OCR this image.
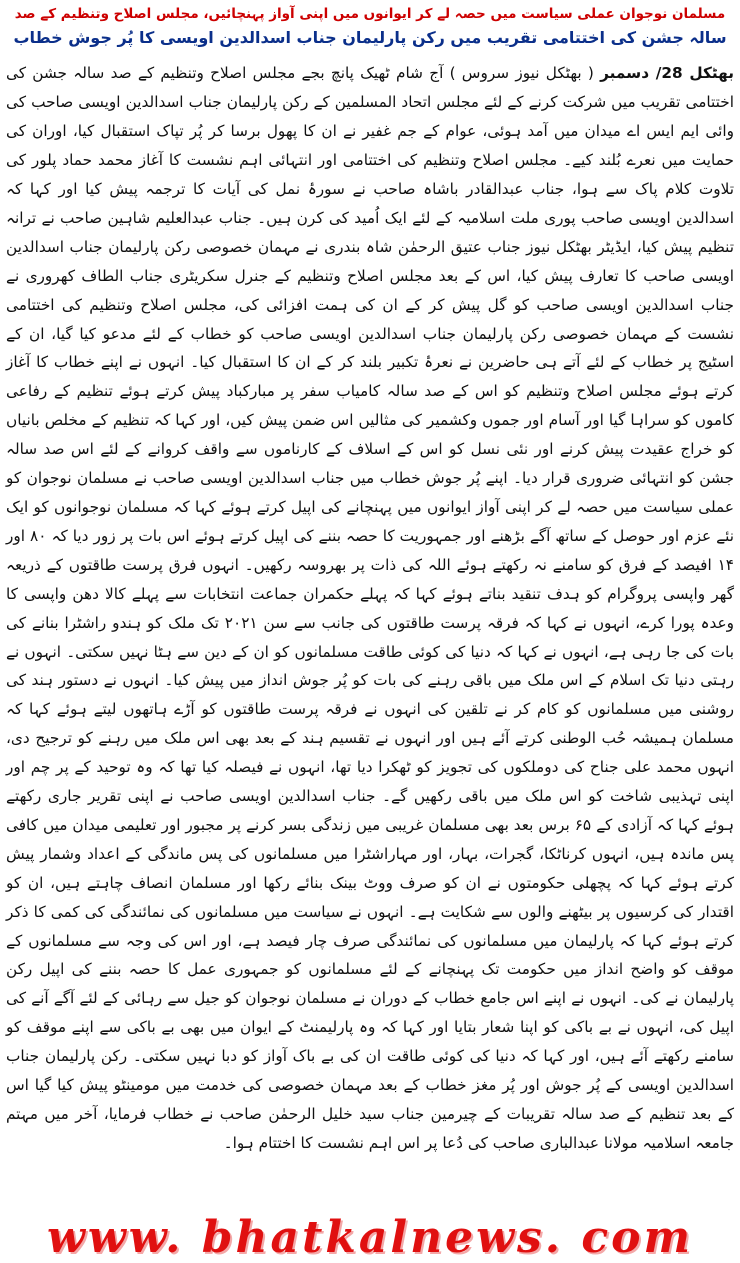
مسلمان نوجوان عملی سیاست میں حصہ لے کر ایوانوں میں اپنی آواز پہنچائیں، مجلس اصلاح وتنظیم کے صد
سالہ جشن کی اختتامی تقریب میں رکن پارلیمان جناب اسدالدین اویسی کا پُر جوش خطاب
بھٹکل 28/ دسمبر ( بھٹکل نیوز سروس ) آج شام ٹھیک پانچ بجے مجلس اصلاح وتنظیم کے صد سالہ جشن کی اختتامی تقریب میں شرکت کرنے کے لئے مجلس اتحاد المسلمین کے رکن پارلیمان جناب اسدالدین اویسی صاحب کی وائی ایم ایس اے میدان میں آمد ہوئی، عوام کے جم غفیر نے ان کا پھول برسا کر پُر تپاک استقبال کیا، اوران کی حمایت میں نعرے بُلند کیے۔ مجلس اصلاح وتنظیم کی اختتامی اور انتہائی اہم نشست کا آغاز محمد حماد پلور کی تلاوت کلام پاک سے ہوا، جناب عبدالقادر باشاہ صاحب نے سورۂ نمل کی آیات کا ترجمہ پیش کیا اور کہا کہ اسدالدین اویسی صاحب پوری ملت اسلامیہ کے لئے ایک اُمید کی کرن ہیں۔ جناب عبدالعلیم شاہین صاحب نے ترانہ تنظیم پیش کیا، ایڈیٹر بھٹکل نیوز جناب عتیق الرحمٰن شاہ بندری نے مہمان خصوصی رکن پارلیمان جناب اسدالدین اویسی صاحب کا تعارف پیش کیا، اس کے بعد مجلس اصلاح وتنظیم کے جنرل سکریٹری جناب الطاف کھروری نے جناب اسدالدین اویسی صاحب کو گل پیش کر کے ان کی ہمت افزائی کی، مجلس اصلاح وتنظیم کی اختتامی نشست کے مہمان خصوصی رکن پارلیمان جناب اسدالدین اویسی صاحب کو خطاب کے لئے مدعو کیا گیا، ان کے اسٹیج پر خطاب کے لئے آتے ہی حاضرین نے نعرۂ تکبیر بلند کر کے ان کا استقبال کیا۔ انہوں نے اپنے خطاب کا آغاز کرتے ہوئے مجلس اصلاح وتنظیم کو اس کے صد سالہ کامیاب سفر پر مبارکباد پیش کرتے ہوئے تنظیم کے رفاعی کاموں کو سراہا گیا اور آسام اور جموں وکشمیر کی مثالیں اس ضمن پیش کیں، اور کہا کہ تنظیم کے مخلص بانیاں کو خراج عقیدت پیش کرنے اور نئی نسل کو اس کے اسلاف کے کارناموں سے واقف کروانے کے لئے اس صد سالہ جشن کو انتہائی ضروری قرار دیا۔ اپنے پُر جوش خطاب میں جناب اسدالدین اویسی صاحب نے مسلمان نوجوان کو عملی سیاست میں حصہ لے کر اپنی آواز ایوانوں میں پہنچانے کی اپیل کرتے ہوئے کہا کہ مسلمان نوجوانوں کو ایک نئے عزم اور حوصل کے ساتھ آگے بڑھنے اور جمہوریت کا حصہ بننے کی اپیل کرتے ہوئے اس بات پر زور دیا کہ ۸۰ اور ۱۴ افیصد کے فرق کو سامنے نہ رکھتے ہوئے اللہ کی ذات پر بھروسہ رکھیں۔ انہوں فرق پرست طاقتوں کے ذریعہ گھر واپسی پروگرام کو ہدف تنقید بناتے ہوئے کہا کہ پہلے حکمران جماعت انتخابات سے پہلے کالا دھن واپسی کا وعدہ پورا کرے، انہوں نے کہا کہ فرقہ پرست طاقتوں کی جانب سے سن ۲۰۲۱ تک ملک کو ہندو راشٹرا بنانے کی بات کی جا رہی ہے، انہوں نے کہا کہ دنیا کی کوئی طاقت مسلمانوں کو ان کے دین سے ہٹا نہیں سکتی۔ انہوں نے رہتی دنیا تک اسلام کے اس ملک میں باقی رہنے کی بات کو پُر جوش انداز میں پیش کیا۔ انہوں نے دستور ہند کی روشنی میں مسلمانوں کو کام کر نے تلقین کی انہوں نے فرقہ پرست طاقتوں کو آڑے ہاتھوں لیتے ہوئے کہا کہ مسلمان ہمیشہ حُب الوطنی کرتے آئے ہیں اور انہوں نے تقسیم ہند کے بعد بھی اس ملک میں رہنے کو ترجیح دی، انہوں محمد علی جناح کی دوملکوں کی تجویز کو ٹھکرا دیا تھا، انہوں نے فیصلہ کیا تھا کہ وہ توحید کے پر چم اور اپنی تہذیبی شاخت کو اس ملک میں باقی رکھیں گے۔ جناب اسدالدین اویسی صاحب نے اپنی تقریر جاری رکھتے ہوئے کہا کہ آزادی کے ۶۵ برس بعد بھی مسلمان غریبی میں زندگی بسر کرنے پر مجبور اور تعلیمی میدان میں کافی پس ماندہ ہیں، انہوں کرناٹکا، گجرات، بہار، اور مہاراشٹرا میں مسلمانوں کی پس ماندگی کے اعداد وشمار پیش کرتے ہوئے کہا کہ پچھلی حکومتوں نے ان کو صرف ووٹ بینک بنائے رکھا اور مسلمان انصاف چاہتے ہیں، ان کو اقتدار کی کرسیوں پر بیٹھنے والوں سے شکایت ہے۔ انہوں نے سیاست میں مسلمانوں کی نمائندگی کی کمی کا ذکر کرتے ہوئے کہا کہ پارلیمان میں مسلمانوں کی نمائندگی صرف چار فیصد ہے، اور اس کی وجہ سے مسلمانوں کے موقف کو واضح انداز میں حکومت تک پہنچانے کے لئے مسلمانوں کو جمہوری عمل کا حصہ بننے کی اپیل رکن پارلیمان نے کی۔ انہوں نے اپنے اس جامع خطاب کے دوران نے مسلمان نوجوان کو جیل سے رہائی کے لئے آگے آنے کی اپیل کی، انہوں نے بے باکی کو اپنا شعار بتایا اور کہا کہ وہ پارلیمنٹ کے ایوان میں بھی بے باکی سے اپنے موقف کو سامنے رکھتے آئے ہیں، اور کہا کہ دنیا کی کوئی طاقت ان کی بے باک آواز کو دبا نہیں سکتی۔ رکن پارلیمان جناب اسدالدین اویسی کے پُر جوش اور پُر مغز خطاب کے بعد مہمان خصوصی کی خدمت میں مومینٹو پیش کیا گیا اس کے بعد تنظیم کے صد سالہ تقریبات کے چیرمین جناب سید خلیل الرحمٰن صاحب نے خطاب فرمایا، آخر میں مہتم جامعہ اسلامیہ مولانا عبدالباری صاحب کی دُعا پر اس اہم نشست کا اختتام ہوا۔
www. bhatkalnews. com
